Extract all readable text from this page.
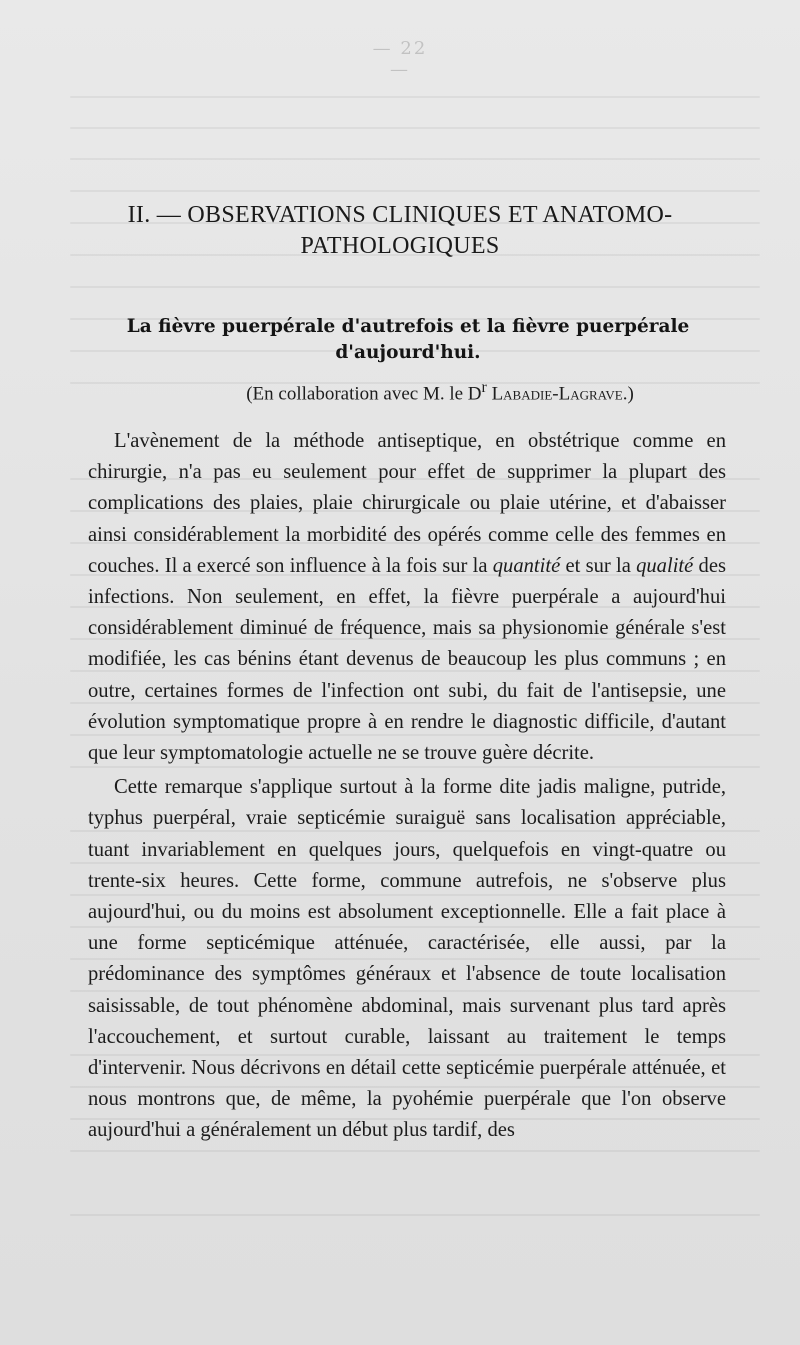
— 22 —
II. — OBSERVATIONS CLINIQUES ET ANATOMO-PATHOLOGIQUES
La fièvre puerpérale d'autrefois et la fièvre puerpérale d'aujourd'hui.

(En collaboration avec M. le $D^r$ Labadie-Lagrave.)

L'avènement de la méthode antiseptique, en obstétrique comme en chirurgie, n'a pas eu seulement pour effet de supprimer la plupart des complications des plaies, plaie chirurgicale ou plaie utérine, et d'abaisser ainsi considérablement la morbidité des opérés comme celle des femmes en couches. Il a exercé son influence à la fois sur la quantité et sur la qualité des infections. Non seulement, en effet, la fièvre puerpérale a aujourd'hui considérablement diminué de fréquence, mais sa physionomie générale s'est modifiée, les cas bénins étant devenus de beaucoup les plus communs ; en outre, certaines formes de l'infection ont subi, du fait de l'antisepsie, une évolution symptomatique propre à en rendre le diagnostic difficile, d'autant que leur symptomatologie actuelle ne se trouve guère décrite.

Cette remarque s'applique surtout à la forme dite jadis maligne, putride, typhus puerpéral, vraie septicémie suraiguë sans localisation appréciable, tuant invariablement en quelques jours, quelquefois en vingt-quatre ou trente-six heures. Cette forme, commune autrefois, ne s'observe plus aujourd'hui, ou du moins est absolument exceptionnelle. Elle a fait place à une forme septicémique atténuée, caractérisée, elle aussi, par la prédominance des symptômes généraux et l'absence de toute localisation saisissable, de tout phénomène abdominal, mais survenant plus tard après l'accouchement, et surtout curable, laissant au traitement le temps d'intervenir. Nous décrivons en détail cette septicémie puerpérale atténuée, et nous montrons que, de même, la pyohémie puerpérale que l'on observe aujourd'hui a généralement un début plus tardif, des
